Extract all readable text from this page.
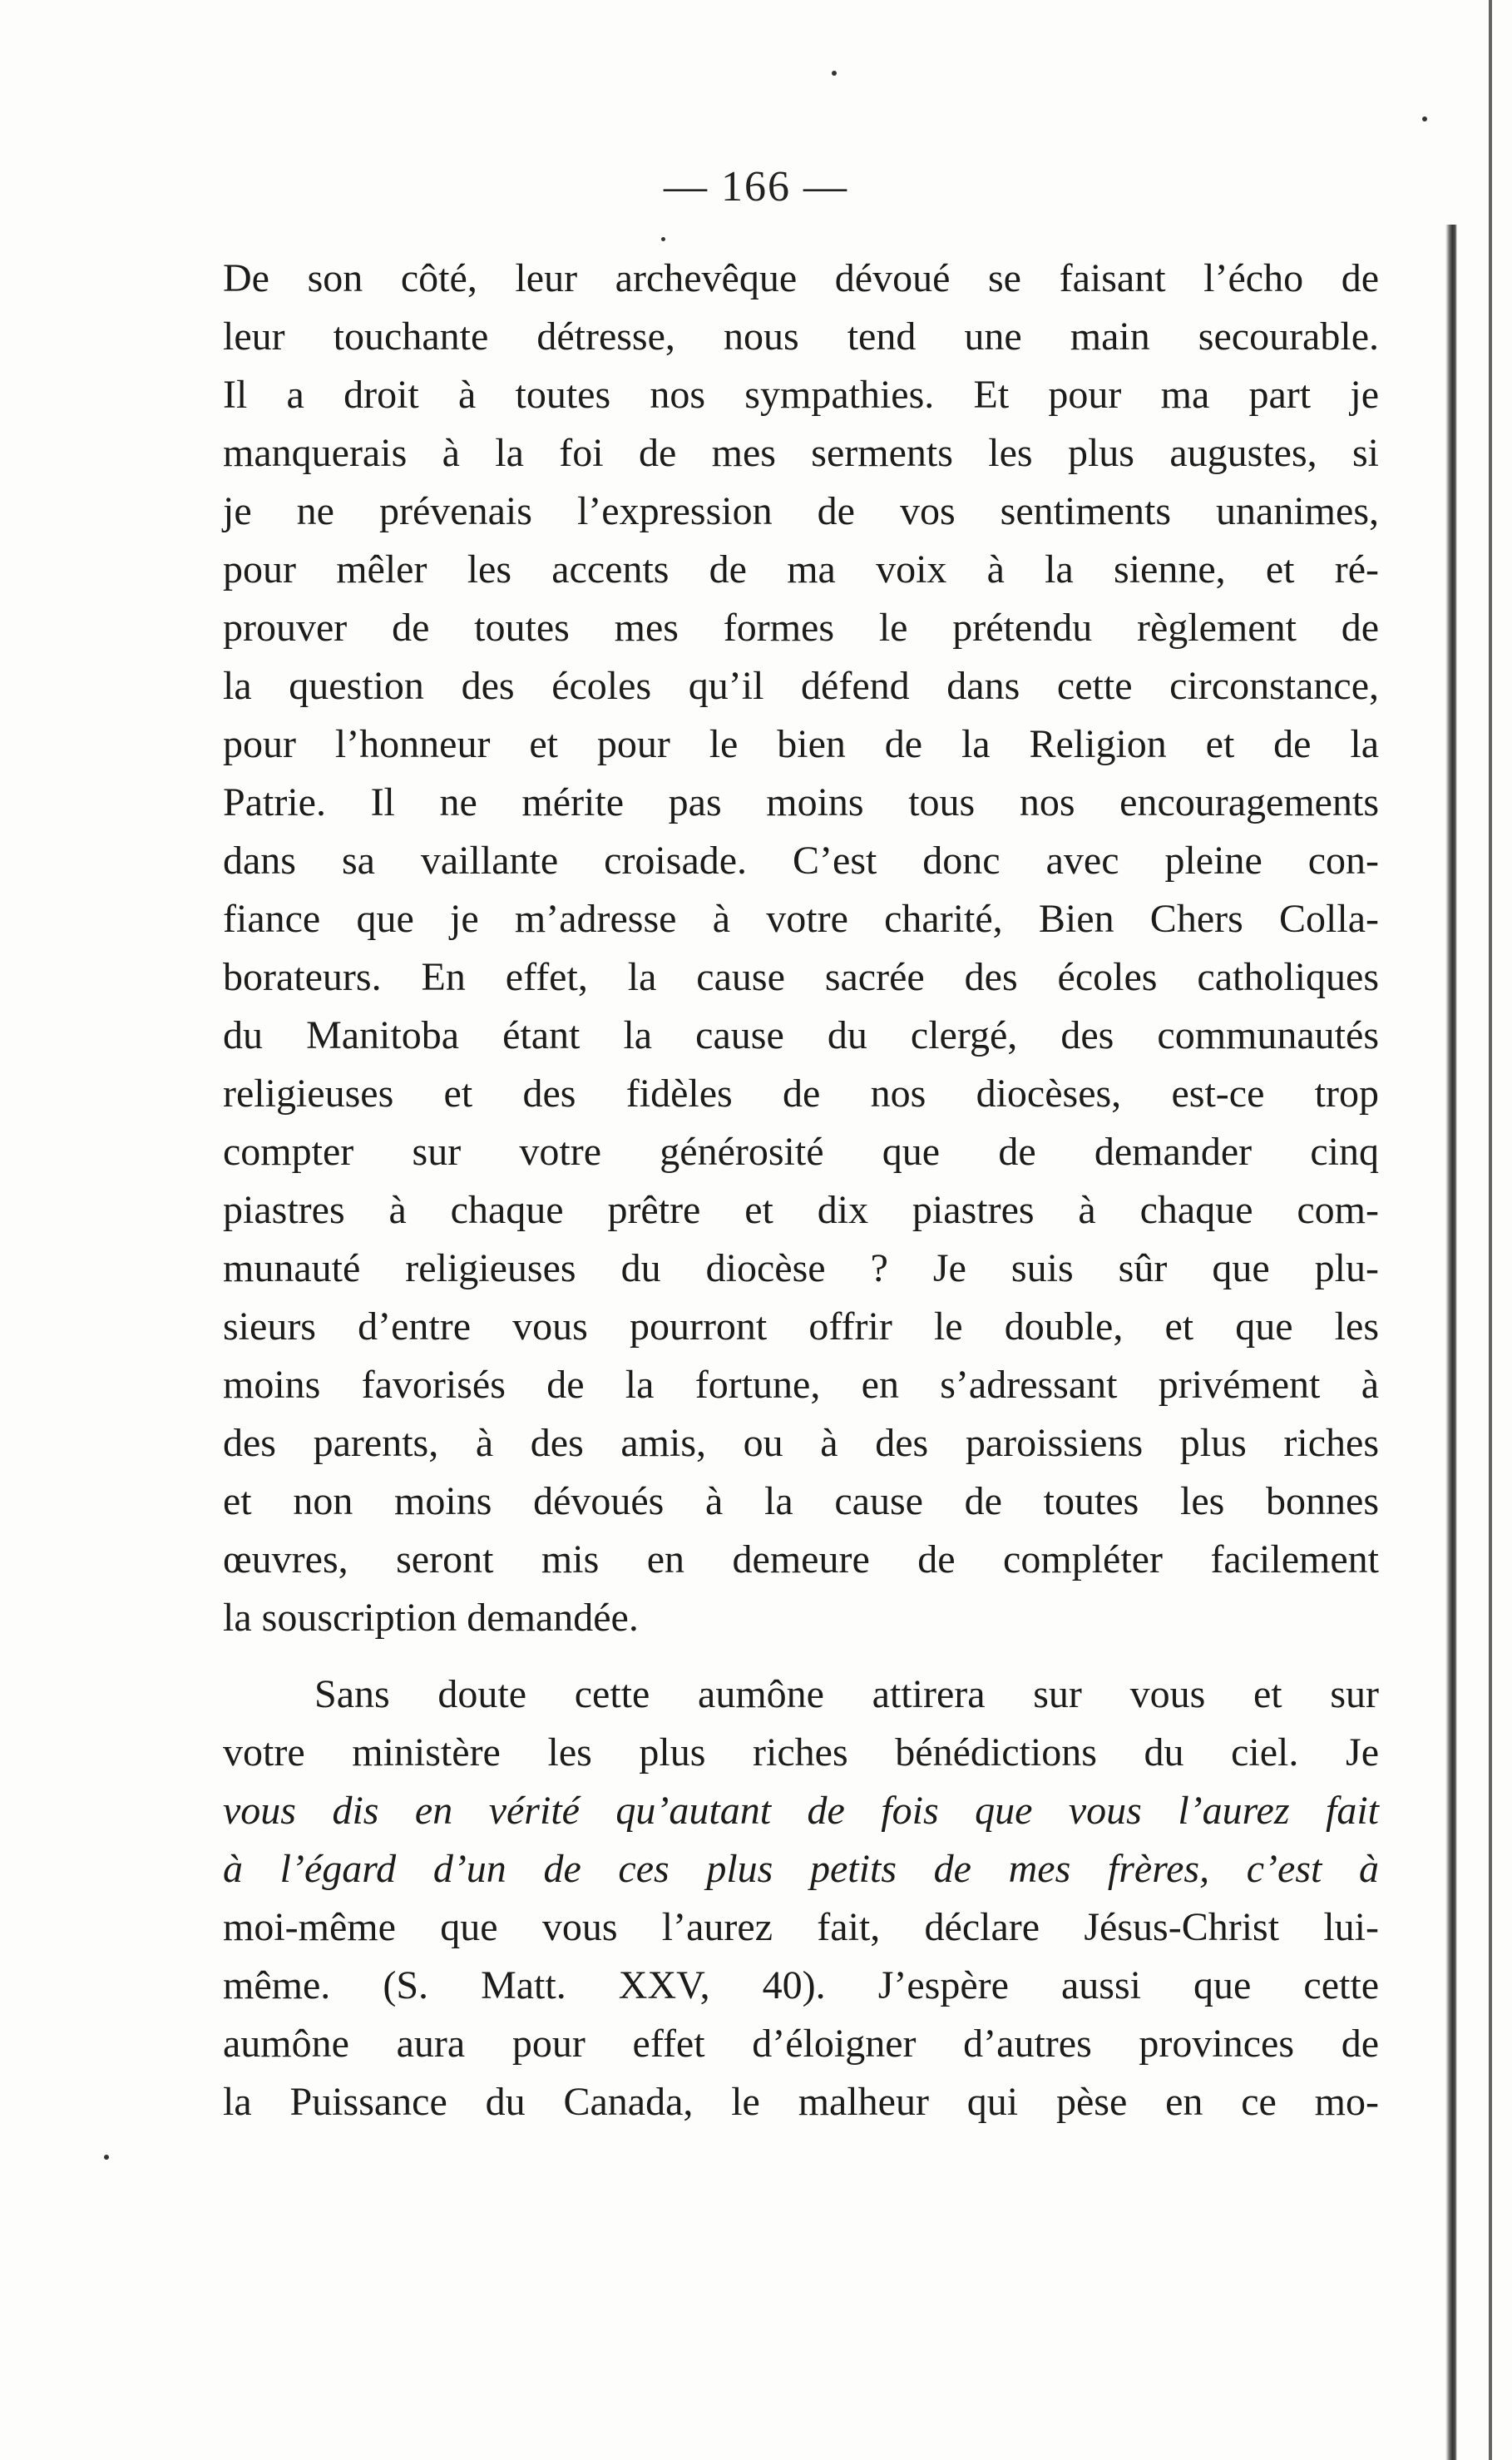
— 166 —
De son côté, leur archevêque dévoué se faisant l’écho de
leur touchante détresse, nous tend une main secourable.
Il a droit à toutes nos sympathies. Et pour ma part je
manquerais à la foi de mes serments les plus augustes, si
je ne prévenais l’expression de vos sentiments unanimes,
pour mêler les accents de ma voix à la sienne, et ré-
prouver de toutes mes formes le prétendu règlement de
la question des écoles qu’il défend dans cette circonstance,
pour l’honneur et pour le bien de la Religion et de la
Patrie. Il ne mérite pas moins tous nos encouragements
dans sa vaillante croisade. C’est donc avec pleine con-
fiance que je m’adresse à votre charité, Bien Chers Colla-
borateurs. En effet, la cause sacrée des écoles catholiques
du Manitoba étant la cause du clergé, des communautés
religieuses et des fidèles de nos diocèses, est-ce trop
compter sur votre générosité que de demander cinq
piastres à chaque prêtre et dix piastres à chaque com-
munauté religieuses du diocèse ? Je suis sûr que plu-
sieurs d’entre vous pourront offrir le double, et que les
moins favorisés de la fortune, en s’adressant privément à
des parents, à des amis, ou à des paroissiens plus riches
et non moins dévoués à la cause de toutes les bonnes
œuvres, seront mis en demeure de compléter facilement
la souscription demandée.
Sans doute cette aumône attirera sur vous et sur
votre ministère les plus riches bénédictions du ciel. Je
vous dis en vérité qu’autant de fois que vous l’aurez fait
à l’égard d’un de ces plus petits de mes frères, c’est à
moi-même que vous l’aurez fait, déclare Jésus-Christ lui-
même. (S. Matt. XXV, 40). J’espère aussi que cette
aumône aura pour effet d’éloigner d’autres provinces de
la Puissance du Canada, le malheur qui pèse en ce mo-
